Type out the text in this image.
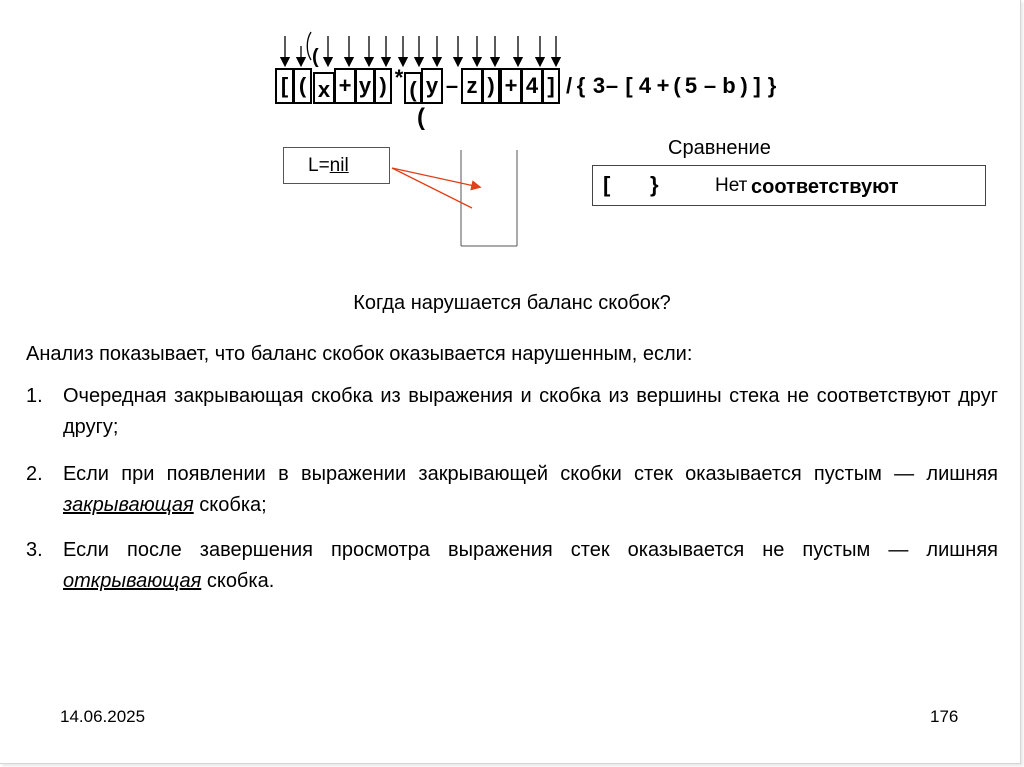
[ ( x + y ) * ( y – z ) + 4 ] / { 3 – [ 4 + ( 5 – b ) ] }
(
(
L=nil
Сравнение
[ }	Нет соответствуют
Когда нарушается баланс скобок?
Анализ показывает, что баланс скобок оказывается нарушенным, если:
1. Очередная закрывающая скобка из выражения и скобка из вершины стека не соответствуют друг другу;
2. Если при появлении в выражении закрывающей скобки стек оказывается пустым — лишняя закрывающая скобка;
3. Если после завершения просмотра выражения стек оказывается не пустым — лишняя открывающая скобка.
14.06.2025	176
